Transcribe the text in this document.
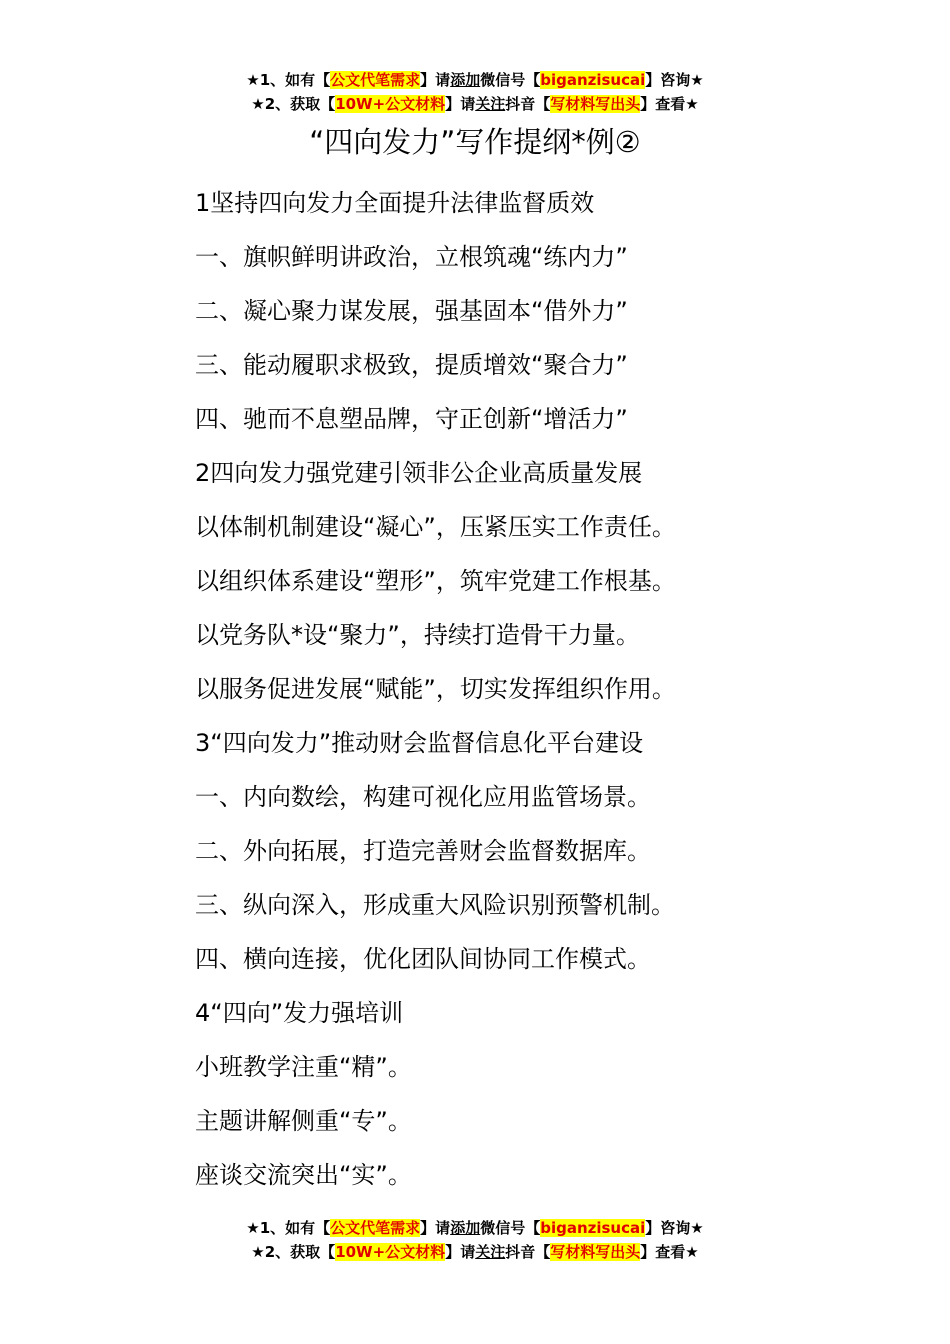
★1、如有【公文代笔需求】请添加微信号【biganzisucai】咨询★
★2、获取【10W+公文材料】请关注抖音【写材料写出头】查看★
“四向发力”写作提纲*例②
1坚持四向发力全面提升法律监督质效
一、旗帜鲜明讲政治，立根筑魂“练内力”
二、凝心聚力谋发展，强基固本“借外力”
三、能动履职求极致，提质增效“聚合力”
四、驰而不息塑品牌，守正创新“增活力”
2四向发力强党建引领非公企业高质量发展
以体制机制建设“凝心”，压紧压实工作责任。
以组织体系建设“塑形”，筑牢党建工作根基。
以党务队*设“聚力”，持续打造骨干力量。
以服务促进发展“赋能”，切实发挥组织作用。
3“四向发力”推动财会监督信息化平台建设
一、内向数绘，构建可视化应用监管场景。
二、外向拓展，打造完善财会监督数据库。
三、纵向深入，形成重大风险识别预警机制。
四、横向连接，优化团队间协同工作模式。
4“四向”发力强培训
小班教学注重“精”。
主题讲解侧重“专”。
座谈交流突出“实”。
★1、如有【公文代笔需求】请添加微信号【biganzisucai】咨询★
★2、获取【10W+公文材料】请关注抖音【写材料写出头】查看★
